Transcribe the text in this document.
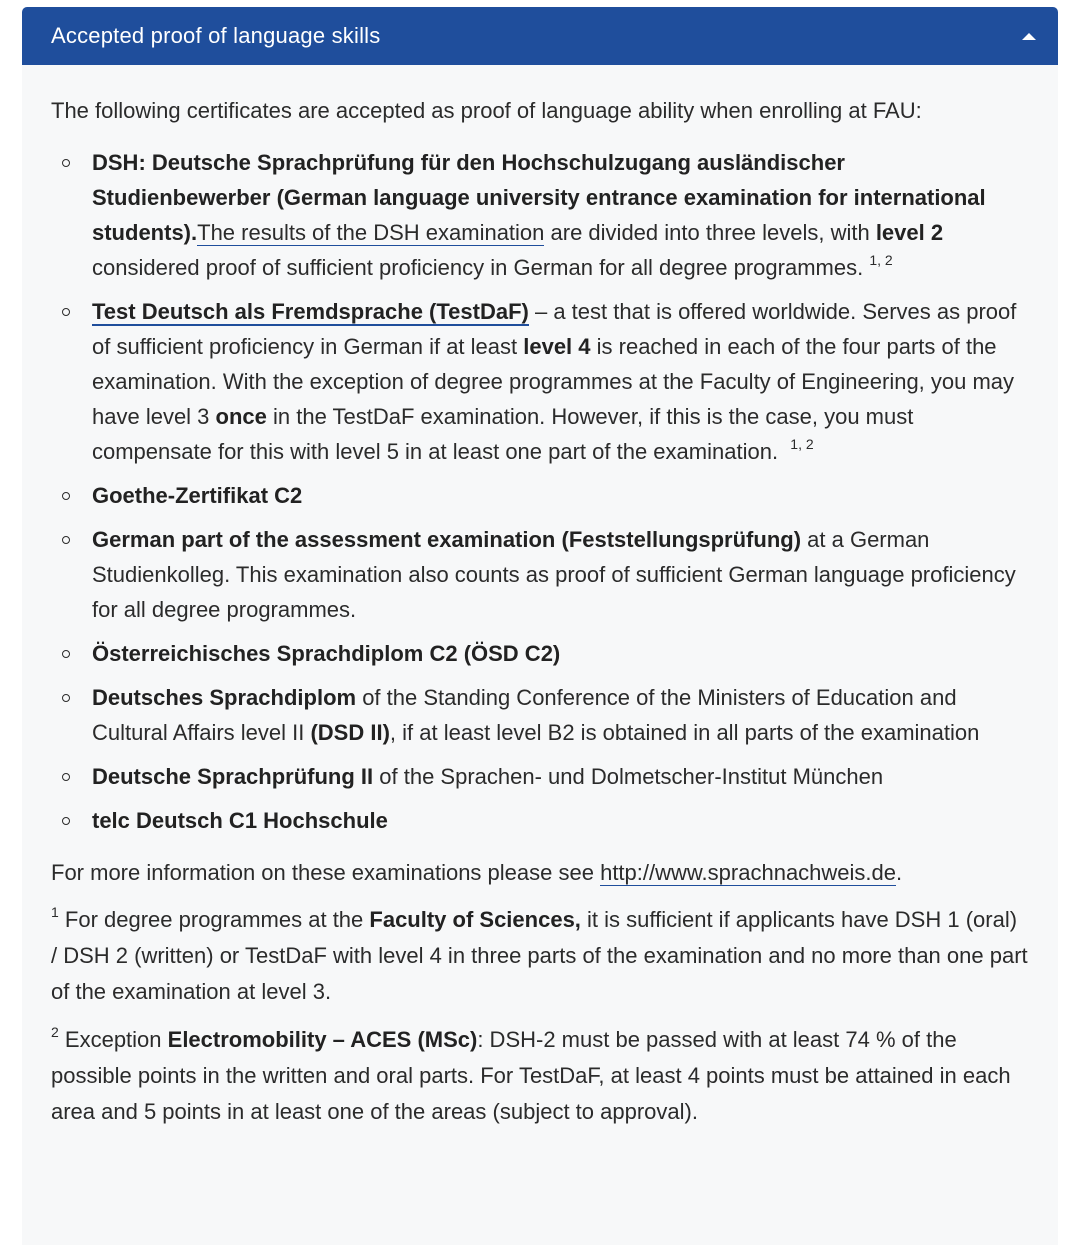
Accepted proof of language skills

The following certificates are accepted as proof of language ability when enrolling at FAU:

DSH: Deutsche Sprachprüfung für den Hochschulzugang ausländischer Studienbewerber (German language university entrance examination for international students).The results of the DSH examination are divided into three levels, with level 2 considered proof of sufficient proficiency in German for all degree programmes. $^{1, 2}$
Test Deutsch als Fremdsprache (TestDaF) – a test that is offered worldwide. Serves as proof of sufficient proficiency in German if at least level 4 is reached in each of the four parts of the examination. With the exception of degree programmes at the Faculty of Engineering, you may have level 3 once in the TestDaF examination. However, if this is the case, you must compensate for this with level 5 in at least one part of the examination. $^{1, 2}$
Goethe-Zertifikat C2
German part of the assessment examination (Feststellungsprüfung) at a German Studienkolleg. This examination also counts as proof of sufficient German language proficiency for all degree programmes.
Österreichisches Sprachdiplom C2 (ÖSD C2)
Deutsches Sprachdiplom of the Standing Conference of the Ministers of Education and Cultural Affairs level II (DSD II), if at least level B2 is obtained in all parts of the examination
Deutsche Sprachprüfung II of the Sprachen- und Dolmetscher-Institut München
telc Deutsch C1 Hochschule

For more information on these examinations please see http://www.sprachnachweis.de.

$^1$ For degree programmes at the Faculty of Sciences, it is sufficient if applicants have DSH 1 (oral) / DSH 2 (written) or TestDaF with level 4 in three parts of the examination and no more than one part of the examination at level 3.

$^2$ Exception Electromobility – ACES (MSc): DSH-2 must be passed with at least 74 % of the possible points in the written and oral parts. For TestDaF, at least 4 points must be attained in each area and 5 points in at least one of the areas (subject to approval).
